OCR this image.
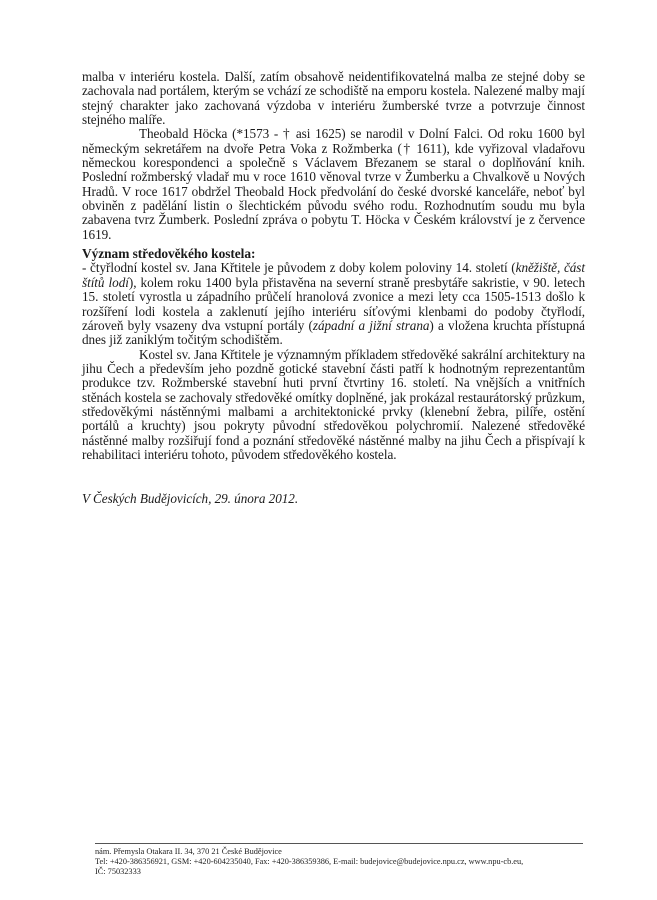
malba v interiéru kostela. Další, zatím obsahově neidentifikovatelná malba ze stejné doby se zachovala nad portálem, kterým se vchází ze schodiště na emporu kostela. Nalezené malby mají stejný charakter jako zachovaná výzdoba v interiéru žumberské tvrze a potvrzuje činnost stejného malíře.

Theobald Höcka (*1573 - † asi 1625) se narodil v Dolní Falci. Od roku 1600 byl německým sekretářem na dvoře Petra Voka z Rožmberka († 1611), kde vyřizoval vladařovu německou korespondenci a společně s Václavem Březanem se staral o doplňování knih. Poslední rožmberský vladař mu v roce 1610 věnoval tvrze v Žumberku a Chvalkově u Nových Hradů. V roce 1617 obdržel Theobald Hock předvolání do české dvorské kanceláře, neboť byl obviněn z padělání listin o šlechtickém původu svého rodu. Rozhodnutím soudu mu byla zabavena tvrz Žumberk. Poslední zpráva o pobytu T. Höcka v Českém království je z července 1619.

Význam středověkého kostela:

- čtyřlodní kostel sv. Jana Křtitele je původem z doby kolem poloviny 14. století (kněžiště, část štítů lodí), kolem roku 1400 byla přistavěna na severní straně presbytáře sakristie, v 90. letech 15. století vyrostla u západního průčelí hranolová zvonice a mezi lety cca 1505-1513 došlo k rozšíření lodi kostela a zaklenutí jejího interiéru síťovými klenbami do podoby čtyřlodí, zároveň byly vsazeny dva vstupní portály (západní a jižní strana) a vložena kruchta přístupná dnes již zaniklým točitým schodištěm.

Kostel sv. Jana Křtitele je významným příkladem středověké sakrální architektury na jihu Čech a především jeho pozdně gotické stavební části patří k hodnotným reprezentantům produkce tzv. Rožmberské stavební huti první čtvrtiny 16. století. Na vnějších a vnitřních stěnách kostela se zachovaly středověké omítky doplněné, jak prokázal restaurátorský průzkum, středověkými nástěnnými malbami a architektonické prvky (klenební žebra, pilíře, ostění portálů a kruchty) jsou pokryty původní středověkou polychromií. Nalezené středověké nástěnné malby rozšiřují fond a poznání středověké nástěnné malby na jihu Čech a přispívají k rehabilitaci interiéru tohoto, původem středověkého kostela.

V Českých Budějovicích, 29. února 2012.

nám. Přemysla Otakara II. 34, 370 21 České Budějovice
Tel: +420-386356921, GSM: +420-604235040, Fax: +420-386359386, E-mail: budejovice@budejovice.npu.cz, www.npu-cb.eu,
IČ: 75032333
